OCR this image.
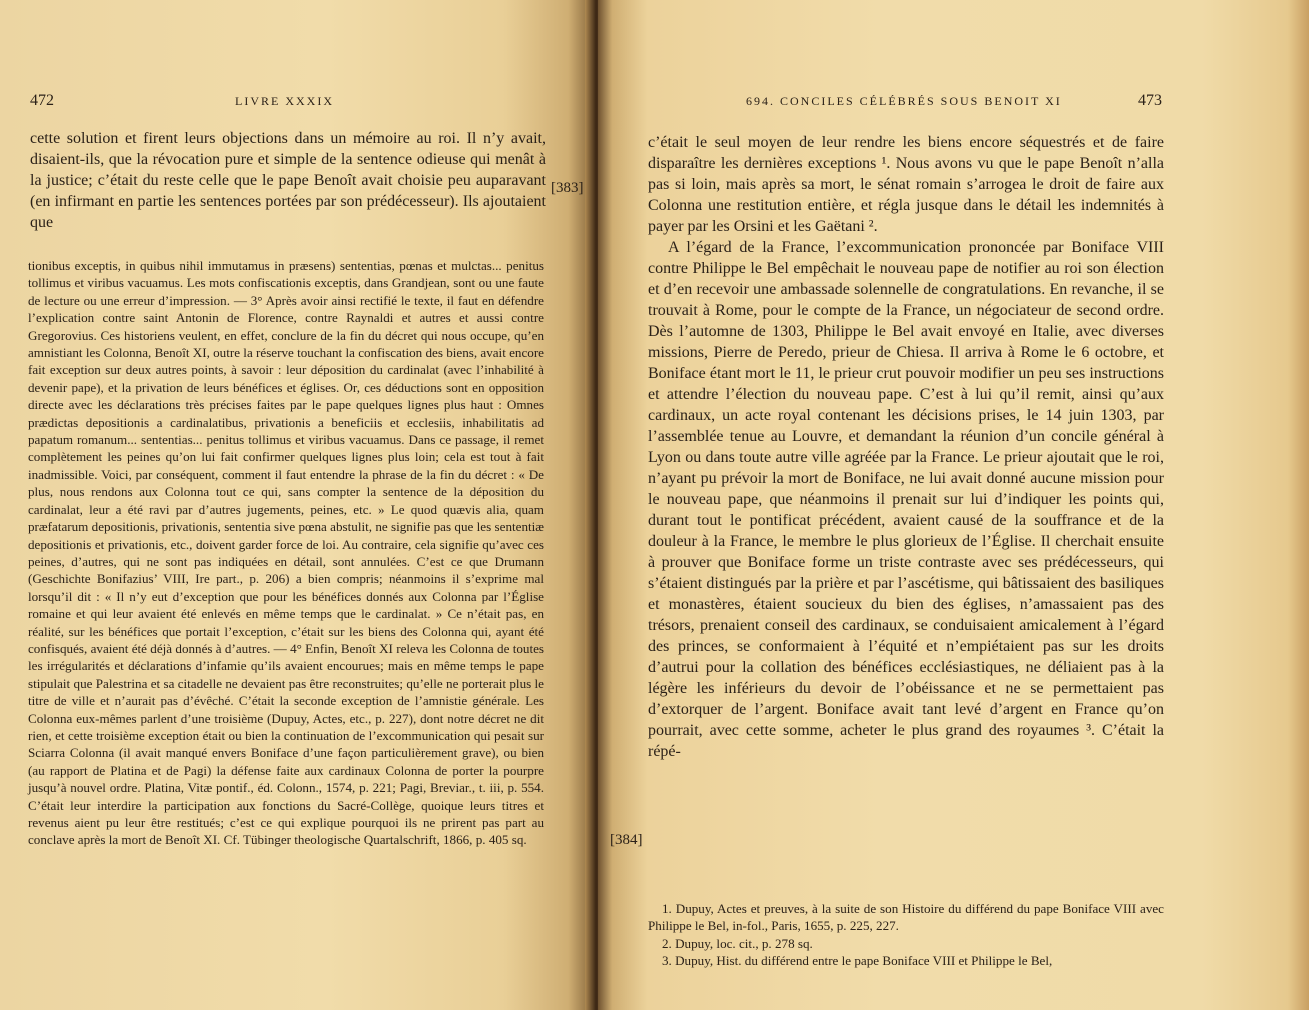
472	LIVRE XXXIX

cette solution et firent leurs objections dans un mémoire au roi. Il n’y avait, disaient-ils, que la révocation pure et simple de la sentence odieuse qui menât à la justice; c’était du reste celle que le pape Benoît avait choisie peu auparavant (en infirmant en partie les sentences portées par son prédécesseur). Ils ajoutaient que

tionibus exceptis, in quibus nihil immutamus in præsens) sententias, pœnas et mulctas... penitus tollimus et viribus vacuamus. Les mots confiscationis exceptis, dans Grandjean, sont ou une faute de lecture ou une erreur d’impression. — 3° Après avoir ainsi rectifié le texte, il faut en défendre l’explication contre saint Antonin de Florence, contre Raynaldi et autres et aussi contre Gregorovius. Ces historiens veulent, en effet, conclure de la fin du décret qui nous occupe, qu’en amnistiant les Colonna, Benoît XI, outre la réserve touchant la confiscation des biens, avait encore fait exception sur deux autres points, à savoir : leur déposition du cardinalat (avec l’inhabilité à devenir pape), et la privation de leurs bénéfices et églises. Or, ces déductions sont en opposition directe avec les déclarations très précises faites par le pape quelques lignes plus haut : Omnes prædictas depositionis a cardinalatibus, privationis a beneficiis et ecclesiis, inhabilitatis ad papatum romanum... sententias... penitus tollimus et viribus vacuamus. Dans ce passage, il remet complètement les peines qu’on lui fait confirmer quelques lignes plus loin; cela est tout à fait inadmissible. Voici, par conséquent, comment il faut entendre la phrase de la fin du décret : « De plus, nous rendons aux Colonna tout ce qui, sans compter la sentence de la déposition du cardinalat, leur a été ravi par d’autres jugements, peines, etc. » Le quod quævis alia, quam præfatarum depositionis, privationis, sententia sive pœna abstulit, ne signifie pas que les sententiæ depositionis et privationis, etc., doivent garder force de loi. Au contraire, cela signifie qu’avec ces peines, d’autres, qui ne sont pas indiquées en détail, sont annulées. C’est ce que Drumann (Geschichte Bonifazius’ VIII, Ire part., p. 206) a bien compris; néanmoins il s’exprime mal lorsqu’il dit : « Il n’y eut d’exception que pour les bénéfices donnés aux Colonna par l’Église romaine et qui leur avaient été enlevés en même temps que le cardinalat. » Ce n’était pas, en réalité, sur les bénéfices que portait l’exception, c’était sur les biens des Colonna qui, ayant été confisqués, avaient été déjà donnés à d’autres. — 4° Enfin, Benoît XI releva les Colonna de toutes les irrégularités et déclarations d’infamie qu’ils avaient encourues; mais en même temps le pape stipulait que Palestrina et sa citadelle ne devaient pas être reconstruites; qu’elle ne porterait plus le titre de ville et n’aurait pas d’évêché. C’était la seconde exception de l’amnistie générale. Les Colonna eux-mêmes parlent d’une troisième (Dupuy, Actes, etc., p. 227), dont notre décret ne dit rien, et cette troisième exception était ou bien la continuation de l’excommunication qui pesait sur Sciarra Colonna (il avait manqué envers Boniface d’une façon particulièrement grave), ou bien (au rapport de Platina et de Pagi) la défense faite aux cardinaux Colonna de porter la pourpre jusqu’à nouvel ordre. Platina, Vitæ pontif., éd. Colonn., 1574, p. 221; Pagi, Breviar., t. iii, p. 554. C’était leur interdire la participation aux fonctions du Sacré-Collège, quoique leurs titres et revenus aient pu leur être restitués; c’est ce qui explique pourquoi ils ne prirent pas part au conclave après la mort de Benoît XI. Cf. Tübinger theologische Quartalschrift, 1866, p. 405 sq.

[383]
694. CONCILES CÉLÉBRÉS SOUS BENOIT XI	473

c’était le seul moyen de leur rendre les biens encore séquestrés et de faire disparaître les dernières exceptions ¹. Nous avons vu que le pape Benoît n’alla pas si loin, mais après sa mort, le sénat romain s’arrogea le droit de faire aux Colonna une restitution entière, et régla jusque dans le détail les indemnités à payer par les Orsini et les Gaëtani ².

A l’égard de la France, l’excommunication prononcée par Boniface VIII contre Philippe le Bel empêchait le nouveau pape de notifier au roi son élection et d’en recevoir une ambassade solennelle de congratulations. En revanche, il se trouvait à Rome, pour le compte de la France, un négociateur de second ordre. Dès l’automne de 1303, Philippe le Bel avait envoyé en Italie, avec diverses missions, Pierre de Peredo, prieur de Chiesa. Il arriva à Rome le 6 octobre, et Boniface étant mort le 11, le prieur crut pouvoir modifier un peu ses instructions et attendre l’élection du nouveau pape. C’est à lui qu’il remit, ainsi qu’aux cardinaux, un acte royal contenant les décisions prises, le 14 juin 1303, par l’assemblée tenue au Louvre, et demandant la réunion d’un concile général à Lyon ou dans toute autre ville agréée par la France. Le prieur ajoutait que le roi, n’ayant pu prévoir la mort de Boniface, ne lui avait donné aucune mission pour le nouveau pape, que néanmoins il prenait sur lui d’indiquer les points qui, durant tout le pontificat précédent, avaient causé de la souffrance et de la douleur à la France, le membre le plus glorieux de l’Église. Il cherchait ensuite à prouver que Boniface forme un triste contraste avec ses prédécesseurs, qui s’étaient distingués par la prière et par l’ascétisme, qui bâtissaient des basiliques et monastères, étaient soucieux du bien des églises, n’amassaient pas des trésors, prenaient conseil des cardinaux, se conduisaient amicalement à l’égard des princes, se conformaient à l’équité et n’empiétaient pas sur les droits d’autrui pour la collation des bénéfices ecclésiastiques, ne déliaient pas à la légère les inférieurs du devoir de l’obéissance et ne se permettaient pas d’extorquer de l’argent. Boniface avait tant levé d’argent en France qu’on pourrait, avec cette somme, acheter le plus grand des royaumes ³. C’était la répé-

1. Dupuy, Actes et preuves, à la suite de son Histoire du différend du pape Boniface VIII avec Philippe le Bel, in-fol., Paris, 1655, p. 225, 227.

2. Dupuy, loc. cit., p. 278 sq.

3. Dupuy, Hist. du différend entre le pape Boniface VIII et Philippe le Bel,

[384]
